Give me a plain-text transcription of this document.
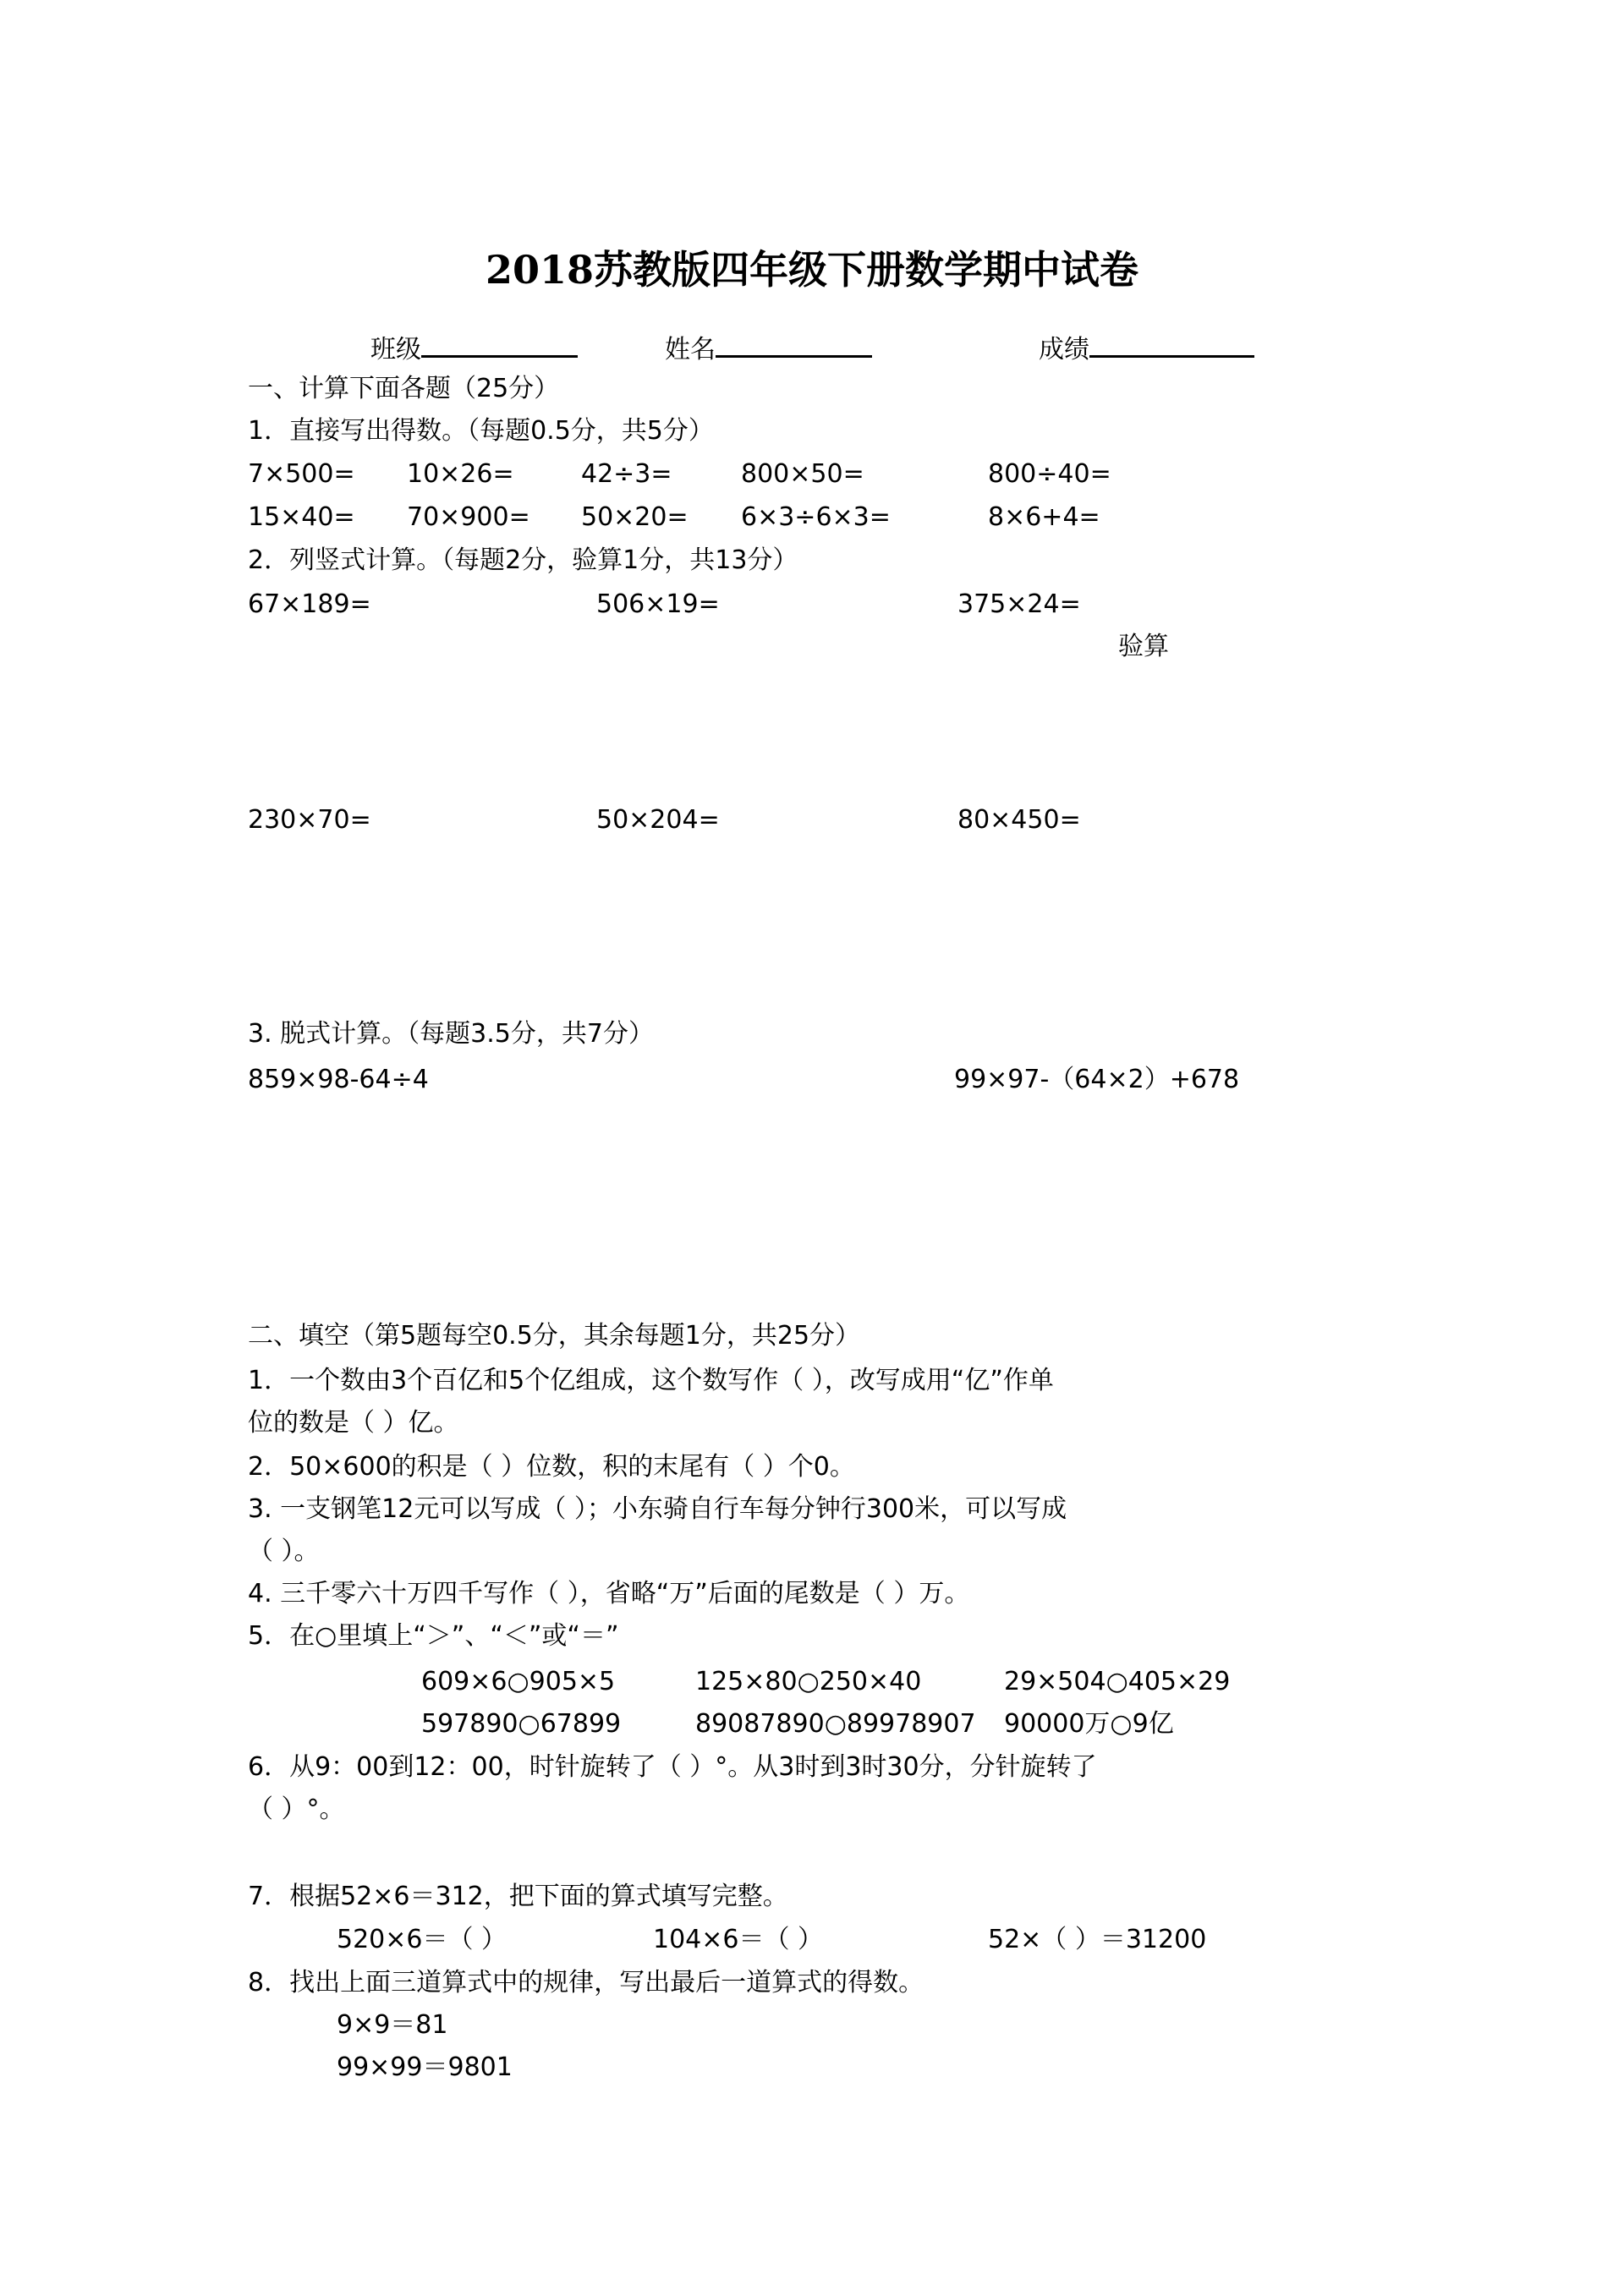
2018苏教版四年级下册数学期中试卷
班级	姓名	成绩
一、计算下面各题（25分）
1．直接写出得数。（每题0.5分，共5分）
7×500= 10×26=	42÷3=	800×50=	800÷40=
15×40= 70×900= 50×20= 6×3÷6×3=	8×6+4=
2．列竖式计算。（每题2分，验算1分，共13分）
67×189=	506×19=	375×24=
验算
230×70=	50×204=	80×450=
3. 脱式计算。（每题3.5分，共7分）
859×98-64÷4	99×97-（64×2）+678
二、填空（第5题每空0.5分，其余每题1分，共25分）
1．一个数由3个百亿和5个亿组成，这个数写作（ ），改写成用“亿”作单
位的数是（ ）亿。
2．50×600的积是（ ）位数，积的末尾有（ ）个0。
3. 一支钢笔12元可以写成（ ）；小东骑自行车每分钟行300米，可以写成
（ ）。
4. 三千零六十万四千写作（ ），省略“万”后面的尾数是（ ）万。
5．在○里填上“＞”、“＜”或“＝”
609×6○905×5	125×80○250×40	29×504○405×29
597890○67899	89087890○89978907 90000万○9亿
6．从9：00到12：00，时针旋转了（ ）°。从3时到3时30分，分针旋转了
（ ）°。
7．根据52×6＝312，把下面的算式填写完整。
520×6＝（ ）	104×6＝（ ）	52×（ ）＝31200
8．找出上面三道算式中的规律，写出最后一道算式的得数。
9×9＝81
99×99＝9801
